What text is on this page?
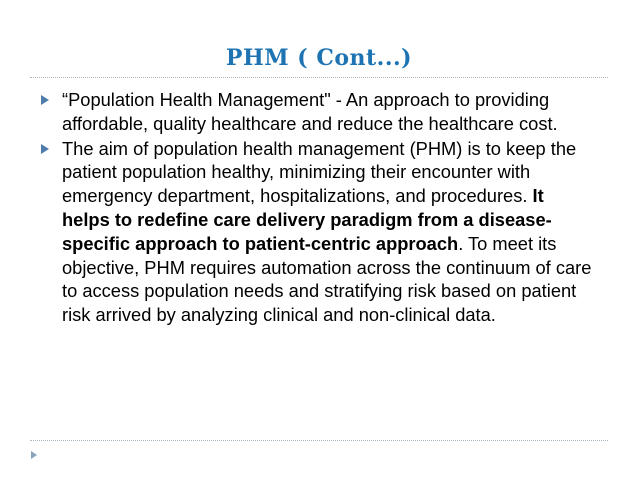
PHM ( Cont...)
“Population Health Management" - An approach to providing affordable, quality healthcare and reduce the healthcare cost.
The aim of population health management (PHM) is to keep the patient population healthy, minimizing their encounter with emergency department, hospitalizations, and procedures. It helps to redefine care delivery paradigm from a disease-specific approach to patient-centric approach. To meet its objective, PHM requires automation across the continuum of care to access population needs and stratifying risk based on patient risk arrived by analyzing clinical and non-clinical data.
